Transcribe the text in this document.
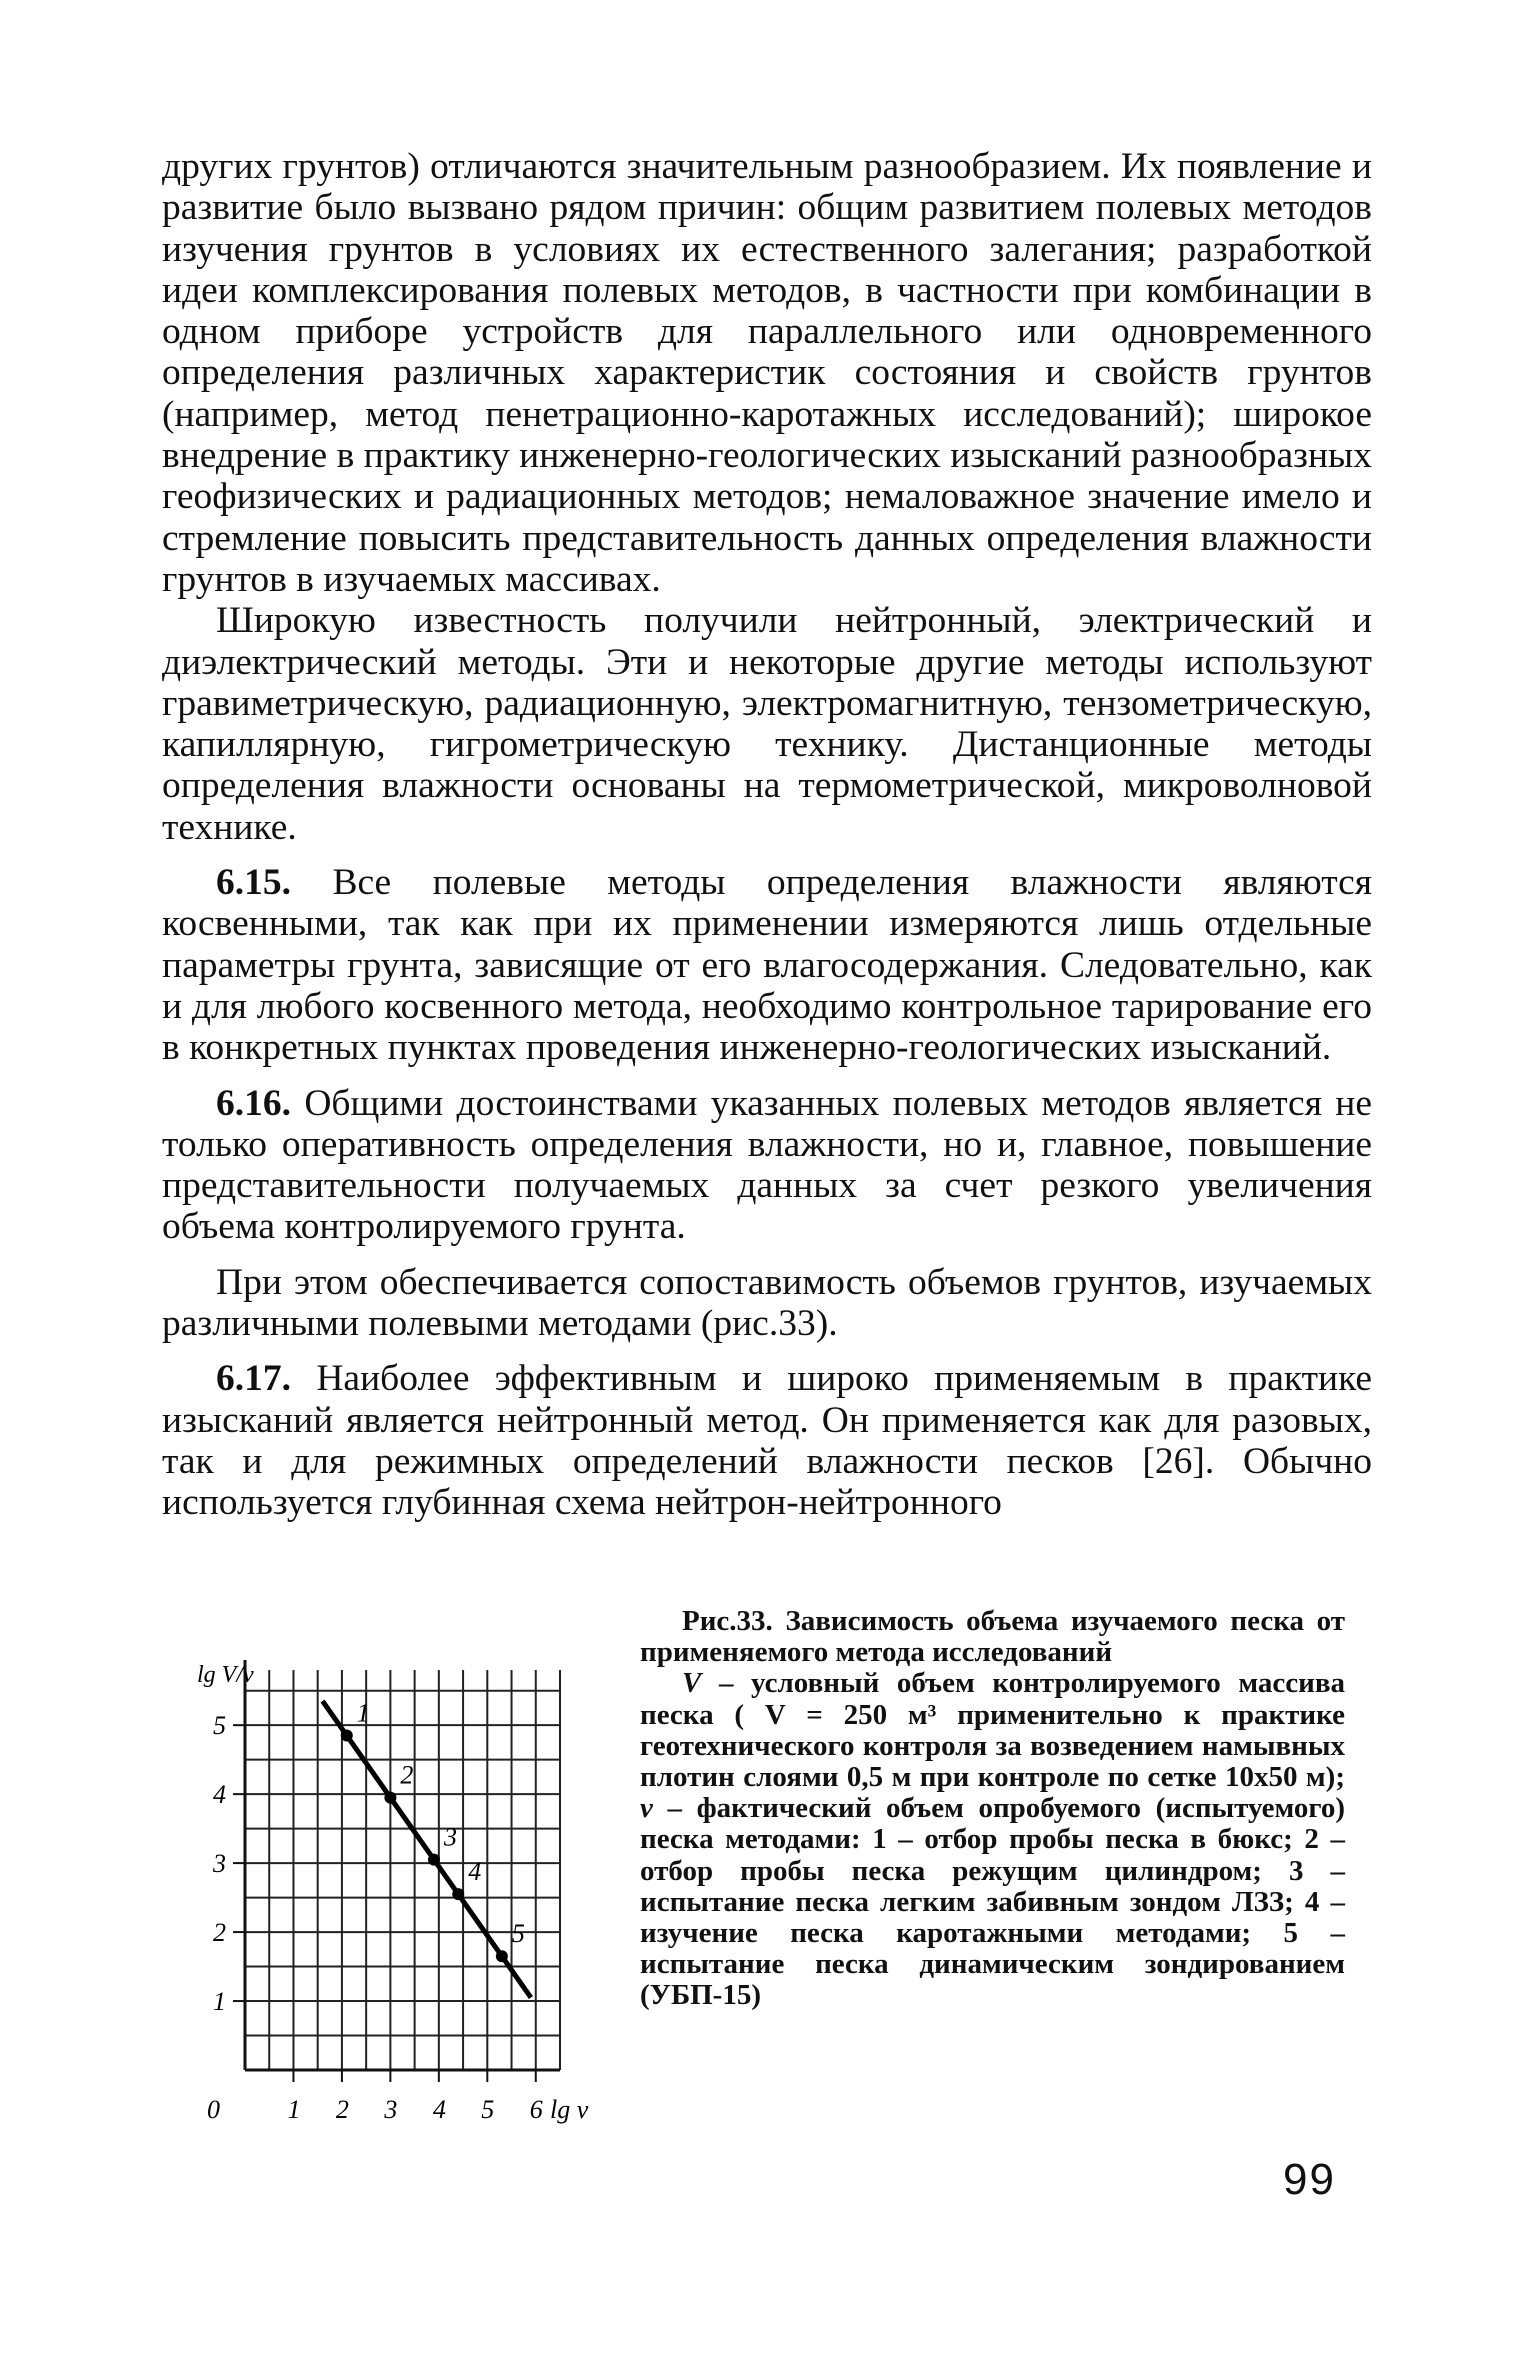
других грунтов) отличаются значительным разнообразием. Их появление и развитие было вызвано рядом причин: общим развитием полевых методов изучения грунтов в условиях их естественного залегания; разработкой идеи комплексирования полевых методов, в частности при комбинации в одном приборе устройств для параллельного или одновременного определения различных характеристик состояния и свойств грунтов (например, метод пенетрационно-каротажных исследований); широкое внедрение в практику инженерно-геологических изысканий разнообразных геофизических и радиационных методов; немаловажное значение имело и стремление повысить представительность данных определения влажности грунтов в изучаемых массивах.

Широкую известность получили нейтронный, электрический и диэлектрический методы. Эти и некоторые другие методы используют гравиметрическую, радиационную, электромагнитную, тензометрическую, капиллярную, гигрометрическую технику. Дистанционные методы определения влажности основаны на термометрической, микроволновой технике.

6.15. Все полевые методы определения влажности являются косвенными, так как при их применении измеряются лишь отдельные параметры грунта, зависящие от его влагосодержания. Следовательно, как и для любого косвенного метода, необходимо контрольное тарирование его в конкретных пунктах проведения инженерно-геологических изысканий.

6.16. Общими достоинствами указанных полевых методов является не только оперативность определения влажности, но и, главное, повышение представительности получаемых данных за счет резкого увеличения объема контролируемого грунта.

При этом обеспечивается сопоставимость объемов грунтов, изучаемых различными полевыми методами (рис.33).

6.17. Наиболее эффективным и широко применяемым в практике изысканий является нейтронный метод. Он применяется как для разовых, так и для режимных определений влажности песков [26]. Обычно используется глубинная схема нейтрон-нейтронного

1 2 3 4 5 6
1
2
3
4
5
0	lg v
lg V/v
1
2
3
4
5

Рис.33. Зависимость объема изучаемого песка от применяемого метода исследований

V – условный объем контролируемого массива песка ( V = 250 м³ применительно к практике геотехнического контроля за возведением намывных плотин слоями 0,5 м при контроле по сетке 10x50 м); v – фактический объем опробуемого (испытуемого) песка методами: 1 – отбор пробы песка в бюкс; 2 – отбор пробы песка режущим цилиндром; 3 – испытание песка легким забивным зондом ЛЗЗ; 4 – изучение песка каротажными методами; 5 – испытание песка динамическим зондированием (УБП-15)

99
